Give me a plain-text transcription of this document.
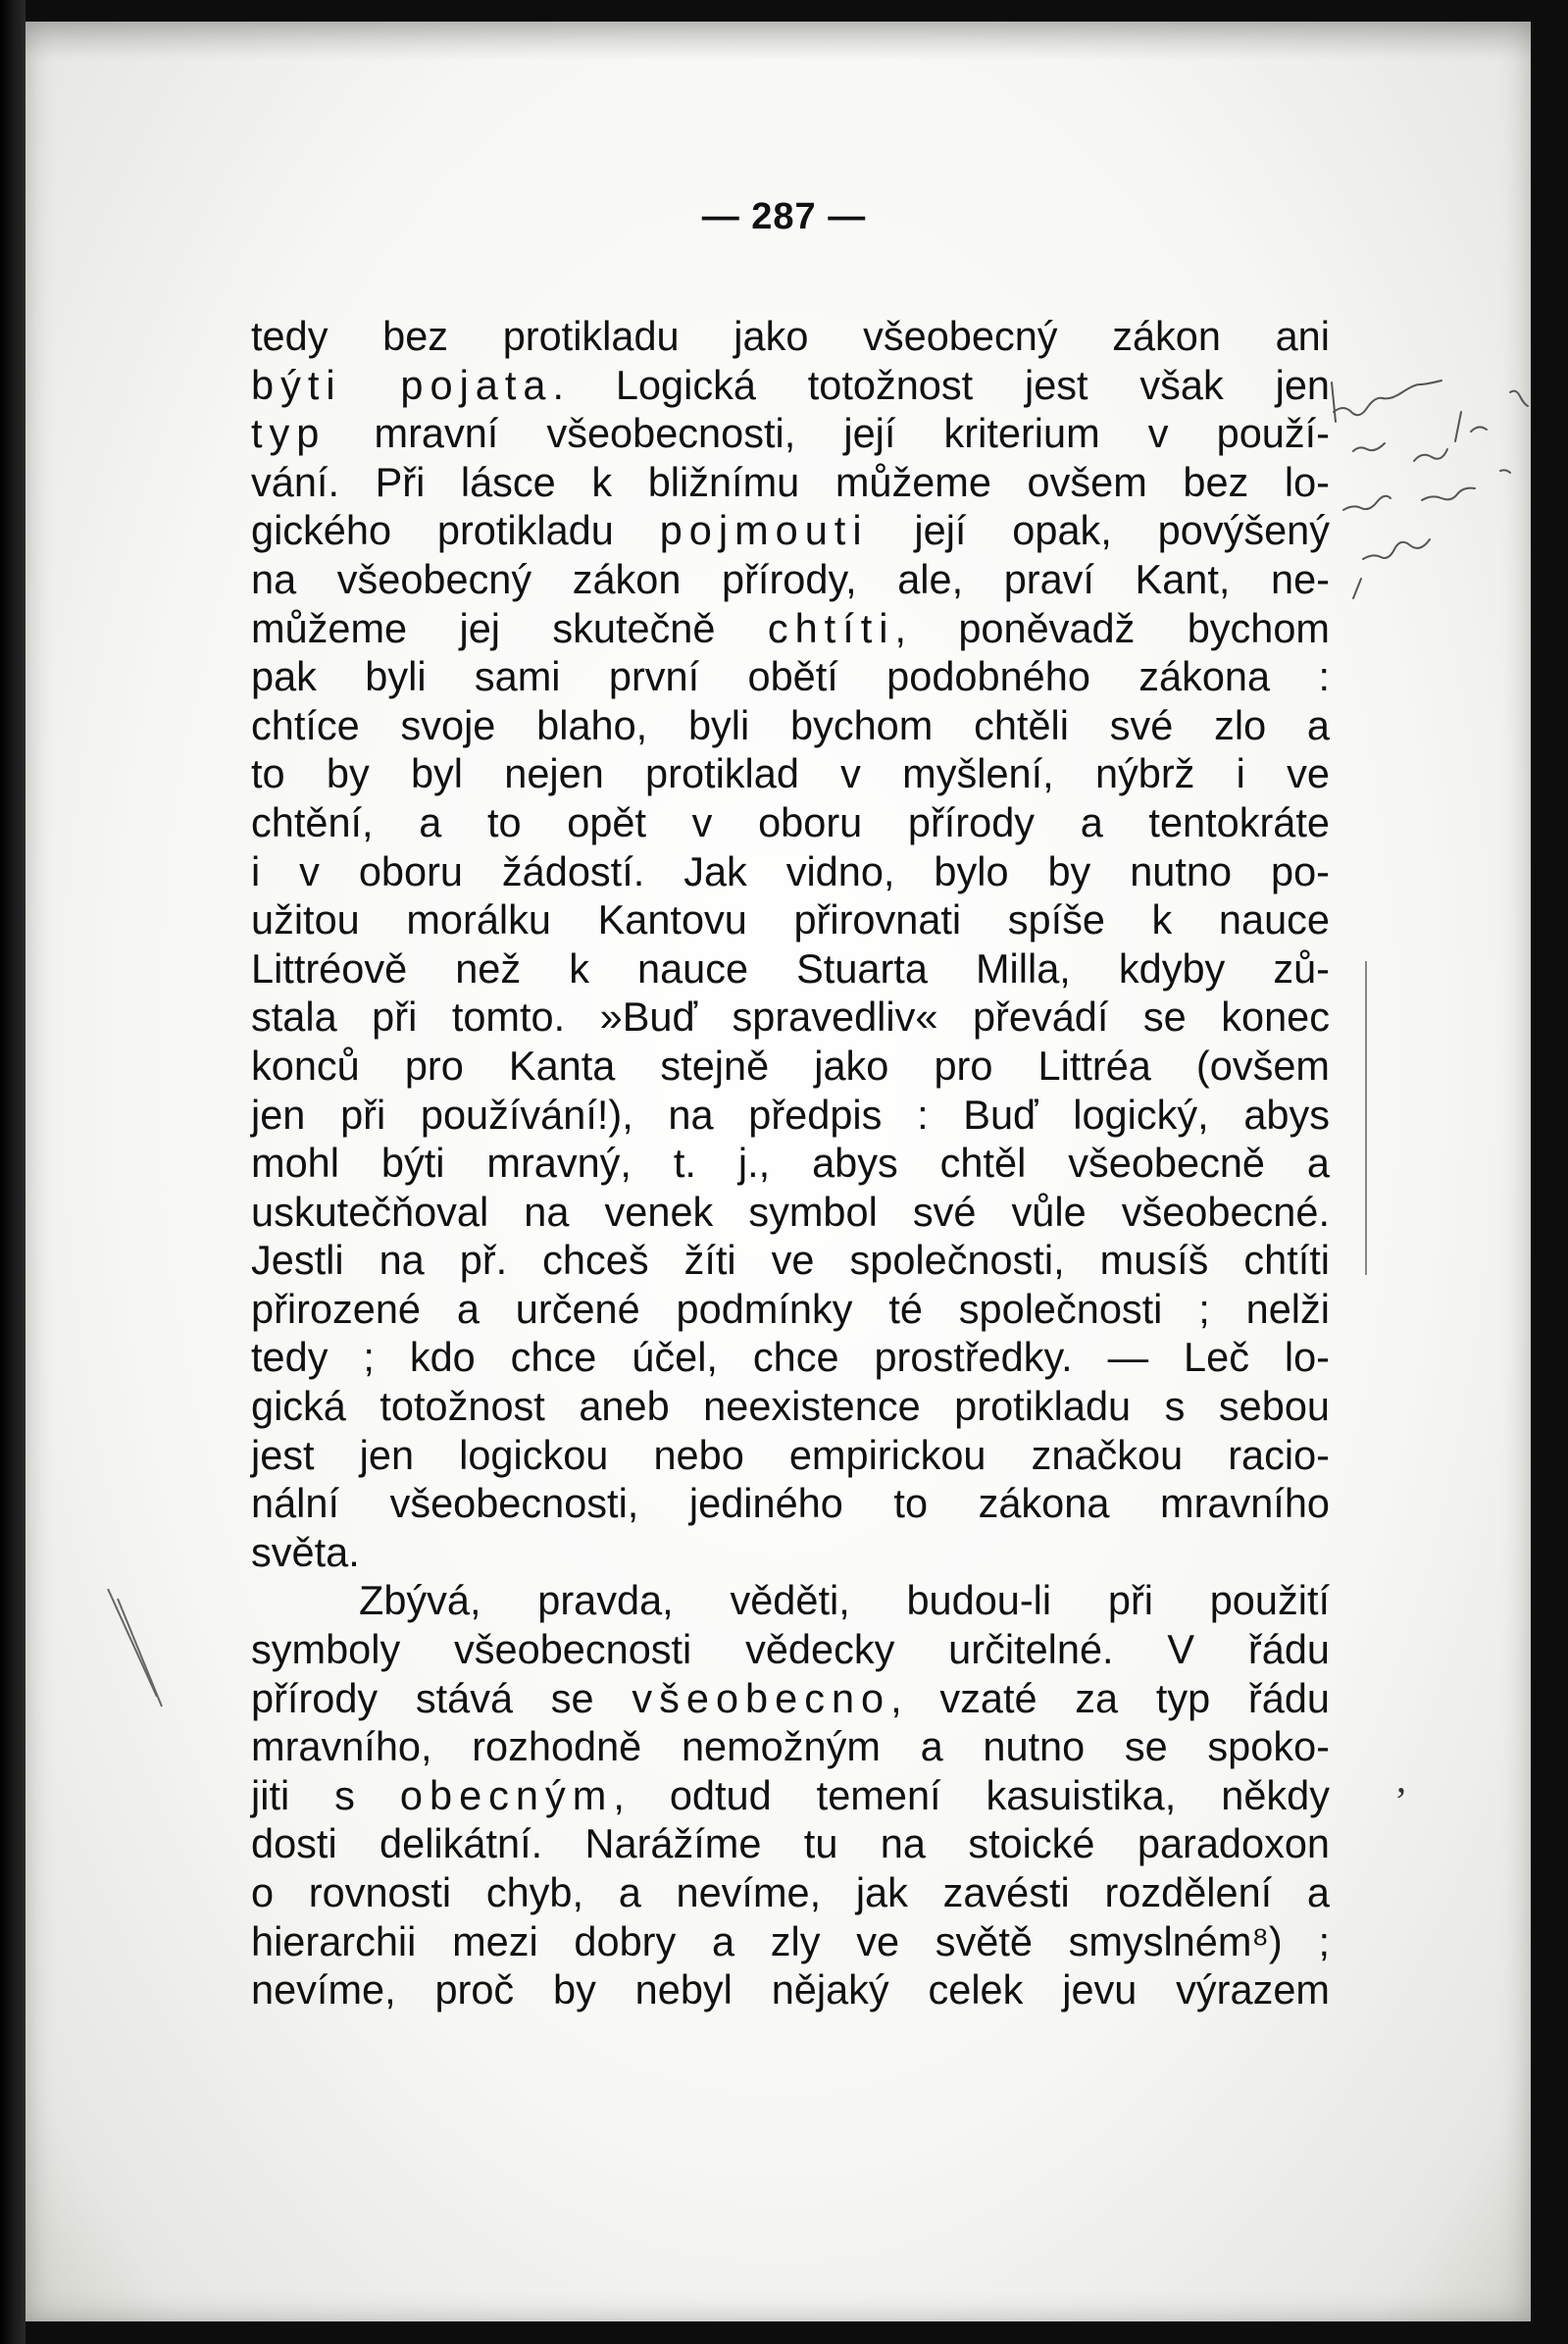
— 287 —
tedy bez protikladu jako všeobecný zákon ani
býti pojata. Logická totožnost jest však jen
typ mravní všeobecnosti, její kriterium v použí-
vání. Při lásce k bližnímu můžeme ovšem bez lo-
gického protikladu pojmouti její opak, povýšený
na všeobecný zákon přírody, ale, praví Kant, ne-
můžeme jej skutečně chtíti, poněvadž bychom
pak byli sami první obětí podobného zákona :
chtíce svoje blaho, byli bychom chtěli své zlo a
to by byl nejen protiklad v myšlení, nýbrž i ve
chtění, a to opět v oboru přírody a tentokráte
i v oboru žádostí. Jak vidno, bylo by nutno po-
užitou morálku Kantovu přirovnati spíše k nauce
Littréově než k nauce Stuarta Milla, kdyby zů-
stala při tomto. »Buď spravedliv« převádí se konec
konců pro Kanta stejně jako pro Littréa (ovšem
jen při používání!), na předpis : Buď logický, abys
mohl býti mravný, t. j., abys chtěl všeobecně a
uskutečňoval na venek symbol své vůle všeobecné.
Jestli na př. chceš žíti ve společnosti, musíš chtíti
přirozené a určené podmínky té společnosti ; nelži
tedy ; kdo chce účel, chce prostředky. — Leč lo-
gická totožnost aneb neexistence protikladu s sebou
jest jen logickou nebo empirickou značkou racio-
nální všeobecnosti, jediného to zákona mravního
světa.
Zbývá, pravda, věděti, budou-li při použití
symboly všeobecnosti vědecky určitelné. V řádu
přírody stává se všeobecno, vzaté za typ řádu
mravního, rozhodně nemožným a nutno se spoko-
jiti s obecným, odtud temení kasuistika, někdy
dosti delikátní. Narážíme tu na stoické paradoxon
o rovnosti chyb, a nevíme, jak zavésti rozdělení a
hierarchii mezi dobry a zly ve světě smyslném⁸) ;
nevíme, proč by nebyl nějaký celek jevu výrazem
,
